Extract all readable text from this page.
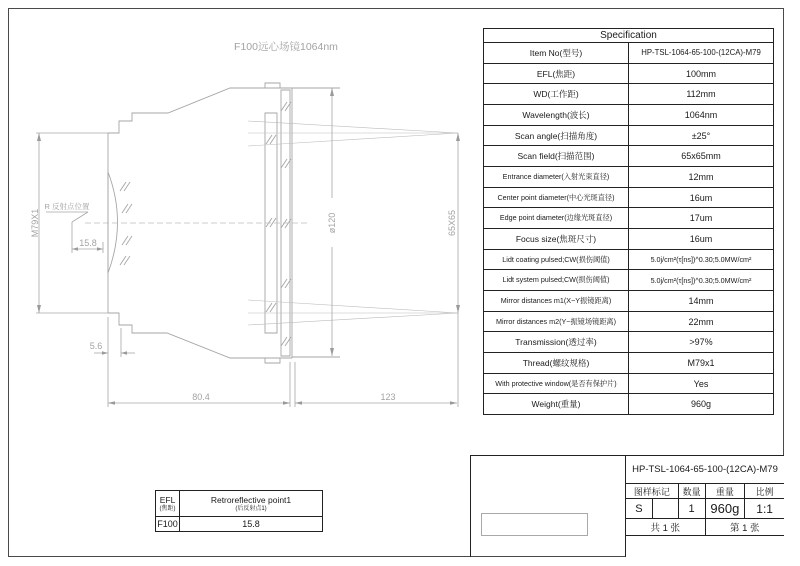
F100远心场镜1064nm
M79X1
R 反射点位置
15.8
5.6
80.4	123
ø120	65X65
Specification
Item No(型号)	HP-TSL-1064-65-100-(12CA)-M79
EFL(焦距)	100mm
WD(工作距)	112mm
Wavelength(波长)	1064nm
Scan angle(扫描角度)	±25°
Scan field(扫描范围)	65x65mm
Entrance diameter(入射光束直径)	12mm
Center point diameter(中心光斑直径)	16um
Edge point diameter(边缘光斑直径)	17um
Focus size(焦斑尺寸)	16um
Lidt coating pulsed;CW(损伤阈值)	5.0j/cm²(τ[ns])^0.30;5.0MW/cm²
Lidt system pulsed;CW(损伤阈值)	5.0j/cm²(τ[ns])^0.30;5.0MW/cm²
Mirror distances m1(X~Y振镜距离)	14mm
Mirror distances m2(Y~振镜场镜距离)	22mm
Transmission(透过率)	>97%
Thread(螺纹规格)	M79x1
With protective window(是否有保护片)	Yes
Weight(重量)	960g
EFL
(焦距)
Retroreflective point1
(后反射点1)
F100	15.8
HP-TSL-1064-65-100-(12CA)-M79
图样标记	数量	重量	比例
S	1	960g	1:1
共 1 张	第 1 张
